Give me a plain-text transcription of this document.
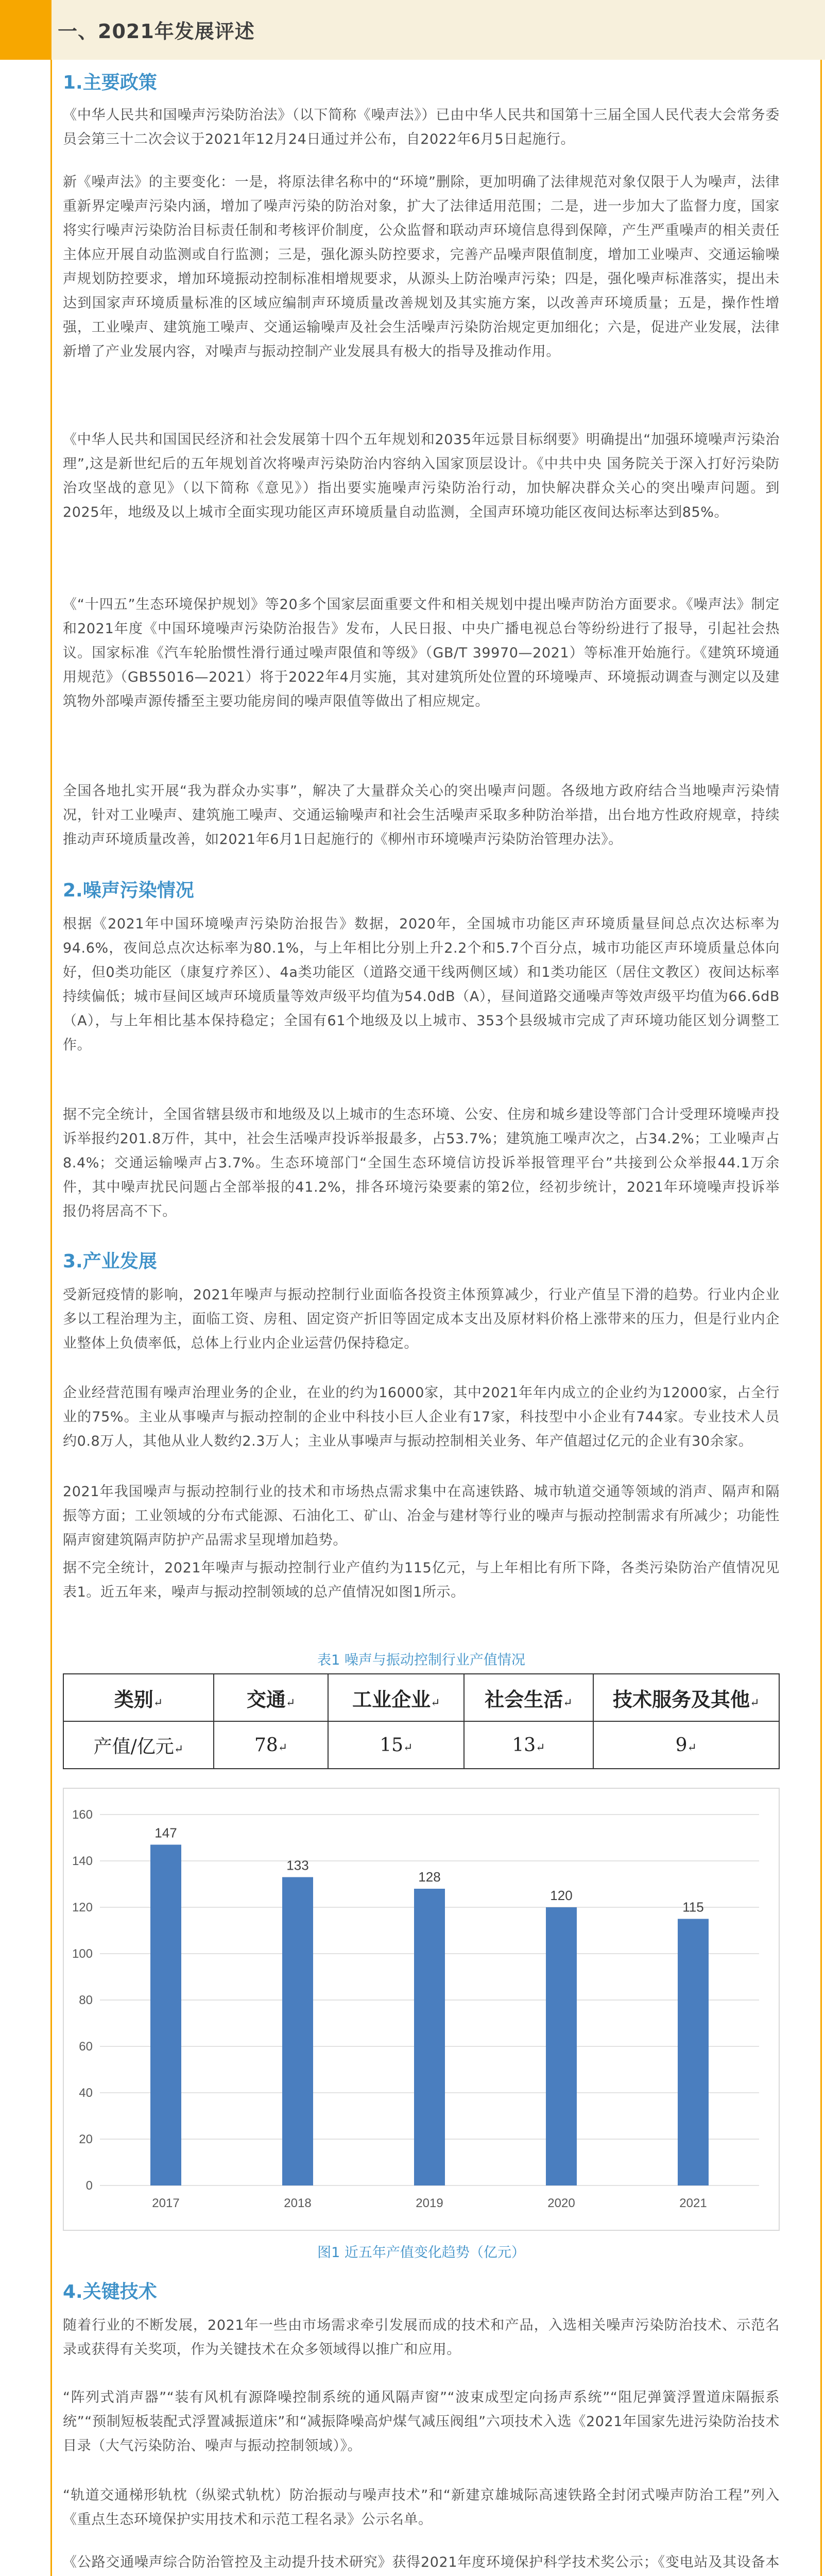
一、2021年发展评述
1.主要政策
《中华人民共和国噪声污染防治法》（以下简称《噪声法》）已由中华人民共和国第十三届全国人民代表大会常务委员会第三十二次会议于2021年12月24日通过并公布，自2022年6月5日起施行。
新《噪声法》的主要变化：一是，将原法律名称中的“环境”删除，更加明确了法律规范对象仅限于人为噪声，法律重新界定噪声污染内涵，增加了噪声污染的防治对象，扩大了法律适用范围；二是，进一步加大了监督力度，国家将实行噪声污染防治目标责任制和考核评价制度，公众监督和联动声环境信息得到保障，产生严重噪声的相关责任主体应开展自动监测或自行监测；三是，强化源头防控要求，完善产品噪声限值制度，增加工业噪声、交通运输噪声规划防控要求，增加环境振动控制标准相增规要求，从源头上防治噪声污染；四是，强化噪声标准落实，提出未达到国家声环境质量标准的区域应编制声环境质量改善规划及其实施方案，以改善声环境质量；五是，操作性增强，工业噪声、建筑施工噪声、交通运输噪声及社会生活噪声污染防治规定更加细化；六是，促进产业发展，法律新增了产业发展内容，对噪声与振动控制产业发展具有极大的指导及推动作用。
《中华人民共和国国民经济和社会发展第十四个五年规划和2035年远景目标纲要》明确提出“加强环境噪声污染治理”,这是新世纪后的五年规划首次将噪声污染防治内容纳入国家顶层设计。《中共中央 国务院关于深入打好污染防治攻坚战的意见》（以下简称《意见》）指出要实施噪声污染防治行动，加快解决群众关心的突出噪声问题。到2025年，地级及以上城市全面实现功能区声环境质量自动监测，全国声环境功能区夜间达标率达到85%。
《“十四五”生态环境保护规划》等20多个国家层面重要文件和相关规划中提出噪声防治方面要求。《噪声法》制定和2021年度《中国环境噪声污染防治报告》发布，人民日报、中央广播电视总台等纷纷进行了报导，引起社会热议。国家标准《汽车轮胎惯性滑行通过噪声限值和等级》（GB/T 39970—2021）等标准开始施行。《建筑环境通用规范》（GB55016—2021）将于2022年4月实施，其对建筑所处位置的环境噪声、环境振动调查与测定以及建筑物外部噪声源传播至主要功能房间的噪声限值等做出了相应规定。
全国各地扎实开展“我为群众办实事”，解决了大量群众关心的突出噪声问题。各级地方政府结合当地噪声污染情况，针对工业噪声、建筑施工噪声、交通运输噪声和社会生活噪声采取多种防治举措，出台地方性政府规章，持续推动声环境质量改善，如2021年6月1日起施行的《柳州市环境噪声污染防治管理办法》。
2.噪声污染情况
根据《2021年中国环境噪声污染防治报告》数据，2020年，全国城市功能区声环境质量昼间总点次达标率为94.6%，夜间总点次达标率为80.1%，与上年相比分别上升2.2个和5.7个百分点，城市功能区声环境质量总体向好，但0类功能区（康复疗养区）、4a类功能区（道路交通干线两侧区域）和1类功能区（居住文教区）夜间达标率持续偏低；城市昼间区域声环境质量等效声级平均值为54.0dB（A），昼间道路交通噪声等效声级平均值为66.6dB（A），与上年相比基本保持稳定；全国有61个地级及以上城市、353个县级城市完成了声环境功能区划分调整工作。
据不完全统计，全国省辖县级市和地级及以上城市的生态环境、公安、住房和城乡建设等部门合计受理环境噪声投诉举报约201.8万件，其中，社会生活噪声投诉举报最多，占53.7%；建筑施工噪声次之，占34.2%；工业噪声占8.4%；交通运输噪声占3.7%。生态环境部门“全国生态环境信访投诉举报管理平台”共接到公众举报44.1万余件，其中噪声扰民问题占全部举报的41.2%，排各环境污染要素的第2位，经初步统计，2021年环境噪声投诉举报仍将居高不下。
3.产业发展
受新冠疫情的影响，2021年噪声与振动控制行业面临各投资主体预算减少，行业产值呈下滑的趋势。行业内企业多以工程治理为主，面临工资、房租、固定资产折旧等固定成本支出及原材料价格上涨带来的压力，但是行业内企业整体上负债率低，总体上行业内企业运营仍保持稳定。
企业经营范围有噪声治理业务的企业，在业的约为16000家，其中2021年年内成立的企业约为12000家，占全行业的75%。主业从事噪声与振动控制的企业中科技小巨人企业有17家，科技型中小企业有744家。专业技术人员约0.8万人，其他从业人数约2.3万人；主业从事噪声与振动控制相关业务、年产值超过亿元的企业有30余家。
2021年我国噪声与振动控制行业的技术和市场热点需求集中在高速铁路、城市轨道交通等领域的消声、隔声和隔振等方面；工业领域的分布式能源、石油化工、矿山、冶金与建材等行业的噪声与振动控制需求有所减少；功能性隔声窗建筑隔声防护产品需求呈现增加趋势。
据不完全统计，2021年噪声与振动控制行业产值约为115亿元，与上年相比有所下降，各类污染防治产值情况见表1。近五年来，噪声与振动控制领域的总产值情况如图1所示。
表1 噪声与振动控制行业产值情况
类别↵	交通↵	工业企业↵	社会生活↵	技术服务及其他↵
产值/亿元↵	78↵	15↵	13↵	9↵
0
20
40
60
80
100
120
140
160
147
2017
133
2018
128
2019
120
2020
115
2021
图1 近五年产值变化趋势（亿元）
4.关键技术
随着行业的不断发展，2021年一些由市场需求牵引发展而成的技术和产品，入选相关噪声污染防治技术、示范名录或获得有关奖项，作为关键技术在众多领域得以推广和应用。
“阵列式消声器”“装有风机有源降噪控制系统的通风隔声窗”“波束成型定向扬声系统”“阻尼弹簧浮置道床隔振系统”“预制短板装配式浮置减振道床”和“减振降噪高炉煤气减压阀组”六项技术入选《2021年国家先进污染防治技术目录（大气污染防治、噪声与振动控制领域）》。
“轨道交通梯形轨枕（纵梁式轨枕）防治振动与噪声技术”和“新建京雄城际高速铁路全封闭式噪声防治工程”列入《重点生态环境保护实用技术和示范工程名录》公示名单。
《公路交通噪声综合防治管控及主动提升技术研究》获得2021年度环境保护科学技术奖公示；《变电站及其设备本
